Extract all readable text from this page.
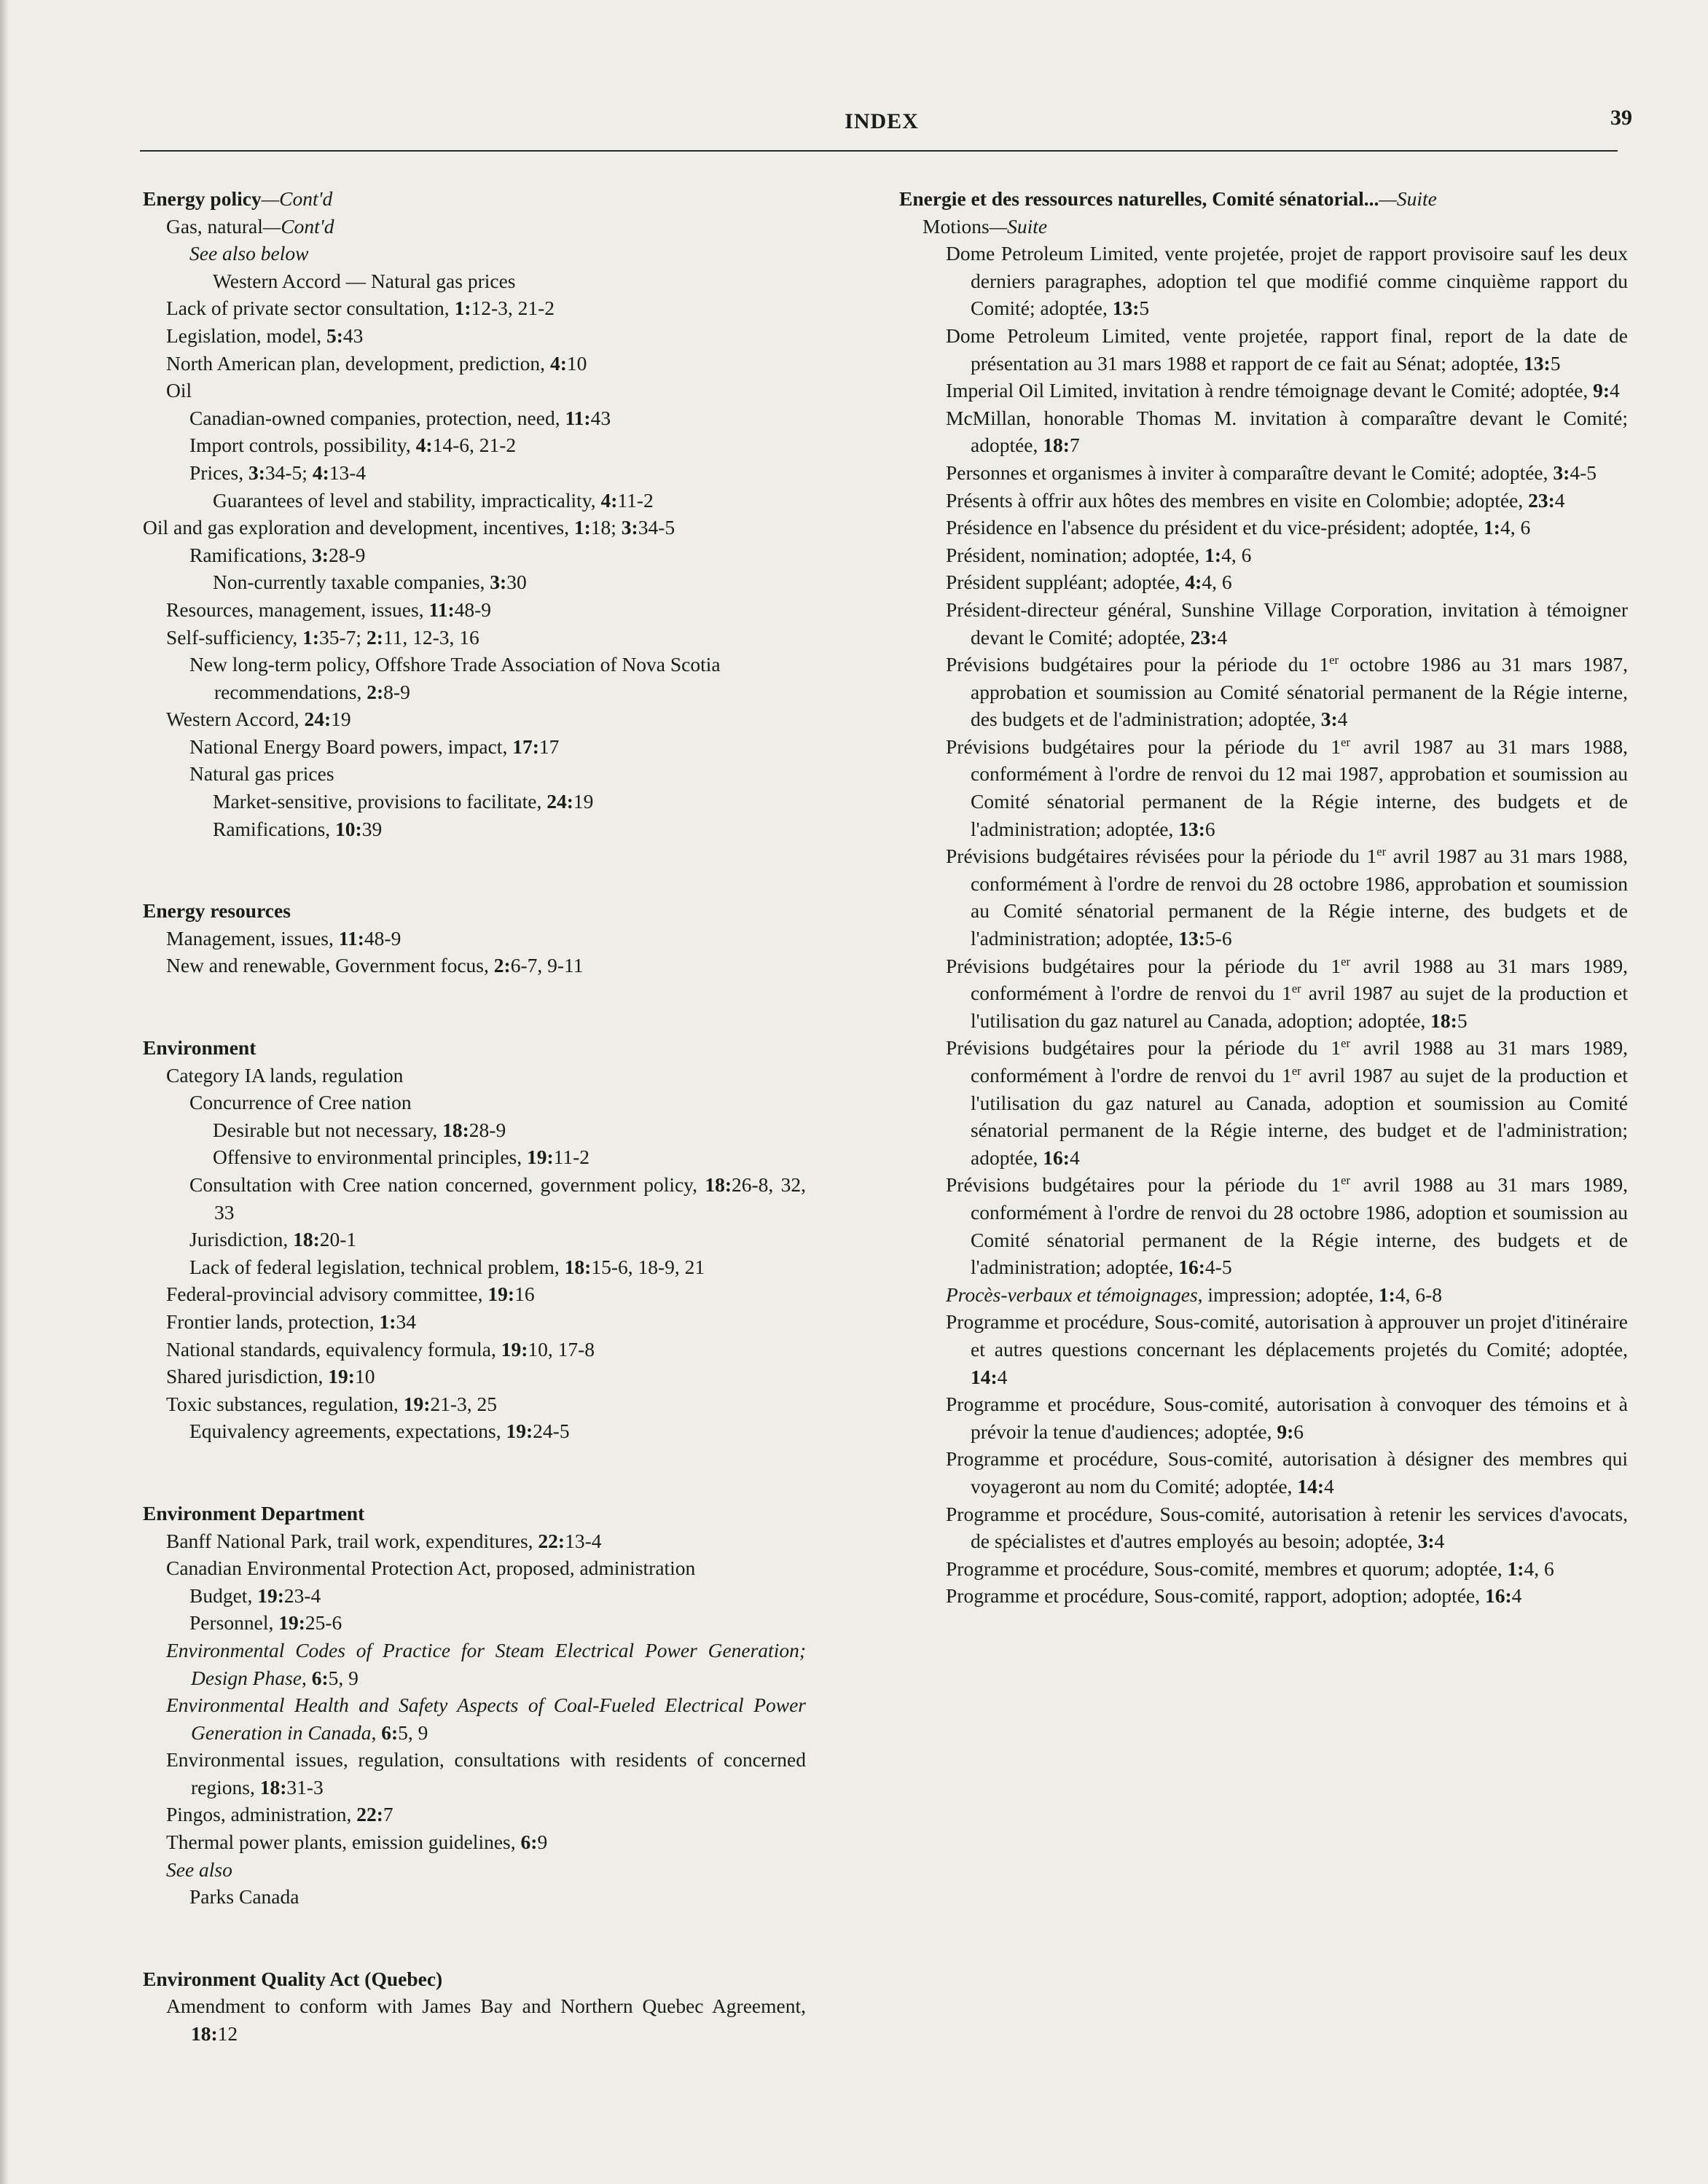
INDEX	39
Energy policy—Cont'd
Gas, natural—Cont'd
See also below
Western Accord — Natural gas prices
Lack of private sector consultation, 1:12-3, 21-2
Legislation, model, 5:43
North American plan, development, prediction, 4:10
Oil
Canadian-owned companies, protection, need, 11:43
Import controls, possibility, 4:14-6, 21-2
Prices, 3:34-5; 4:13-4
Guarantees of level and stability, impracticality, 4:11-2
Oil and gas exploration and development, incentives, 1:18; 3:34-5
Ramifications, 3:28-9
Non-currently taxable companies, 3:30
Resources, management, issues, 11:48-9
Self-sufficiency, 1:35-7; 2:11, 12-3, 16
New long-term policy, Offshore Trade Association of Nova Scotia recommendations, 2:8-9
Western Accord, 24:19
National Energy Board powers, impact, 17:17
Natural gas prices
Market-sensitive, provisions to facilitate, 24:19
Ramifications, 10:39
Energy resources
Management, issues, 11:48-9
New and renewable, Government focus, 2:6-7, 9-11
Environment
Category IA lands, regulation
Concurrence of Cree nation
Desirable but not necessary, 18:28-9
Offensive to environmental principles, 19:11-2
Consultation with Cree nation concerned, government policy, 18:26-8, 32, 33
Jurisdiction, 18:20-1
Lack of federal legislation, technical problem, 18:15-6, 18-9, 21
Federal-provincial advisory committee, 19:16
Frontier lands, protection, 1:34
National standards, equivalency formula, 19:10, 17-8
Shared jurisdiction, 19:10
Toxic substances, regulation, 19:21-3, 25
Equivalency agreements, expectations, 19:24-5
Environment Department
Banff National Park, trail work, expenditures, 22:13-4
Canadian Environmental Protection Act, proposed, administration
Budget, 19:23-4
Personnel, 19:25-6
Environmental Codes of Practice for Steam Electrical Power Generation; Design Phase, 6:5, 9
Environmental Health and Safety Aspects of Coal-Fueled Electrical Power Generation in Canada, 6:5, 9
Environmental issues, regulation, consultations with residents of concerned regions, 18:31-3
Pingos, administration, 22:7
Thermal power plants, emission guidelines, 6:9
See also
Parks Canada
Environment Quality Act (Quebec)
Amendment to conform with James Bay and Northern Quebec Agreement, 18:12
Energie et des ressources naturelles, Comité sénatorial...—Suite
Motions—Suite
Dome Petroleum Limited, vente projetée, projet de rapport provisoire sauf les deux derniers paragraphes, adoption tel que modifié comme cinquième rapport du Comité; adoptée, 13:5
Dome Petroleum Limited, vente projetée, rapport final, report de la date de présentation au 31 mars 1988 et rapport de ce fait au Sénat; adoptée, 13:5
Imperial Oil Limited, invitation à rendre témoignage devant le Comité; adoptée, 9:4
McMillan, honorable Thomas M. invitation à comparaître devant le Comité; adoptée, 18:7
Personnes et organismes à inviter à comparaître devant le Comité; adoptée, 3:4-5
Présents à offrir aux hôtes des membres en visite en Colombie; adoptée, 23:4
Présidence en l'absence du président et du vice-président; adoptée, 1:4, 6
Président, nomination; adoptée, 1:4, 6
Président suppléant; adoptée, 4:4, 6
Président-directeur général, Sunshine Village Corporation, invitation à témoigner devant le Comité; adoptée, 23:4
Prévisions budgétaires pour la période du 1er octobre 1986 au 31 mars 1987, approbation et soumission au Comité sénatorial permanent de la Régie interne, des budgets et de l'administration; adoptée, 3:4
Prévisions budgétaires pour la période du 1er avril 1987 au 31 mars 1988, conformément à l'ordre de renvoi du 12 mai 1987, approbation et soumission au Comité sénatorial permanent de la Régie interne, des budgets et de l'administration; adoptée, 13:6
Prévisions budgétaires révisées pour la période du 1er avril 1987 au 31 mars 1988, conformément à l'ordre de renvoi du 28 octobre 1986, approbation et soumission au Comité sénatorial permanent de la Régie interne, des budgets et de l'administration; adoptée, 13:5-6
Prévisions budgétaires pour la période du 1er avril 1988 au 31 mars 1989, conformément à l'ordre de renvoi du 1er avril 1987 au sujet de la production et l'utilisation du gaz naturel au Canada, adoption; adoptée, 18:5
Prévisions budgétaires pour la période du 1er avril 1988 au 31 mars 1989, conformément à l'ordre de renvoi du 1er avril 1987 au sujet de la production et l'utilisation du gaz naturel au Canada, adoption et soumission au Comité sénatorial permanent de la Régie interne, des budget et de l'administration; adoptée, 16:4
Prévisions budgétaires pour la période du 1er avril 1988 au 31 mars 1989, conformément à l'ordre de renvoi du 28 octobre 1986, adoption et soumission au Comité sénatorial permanent de la Régie interne, des budgets et de l'administration; adoptée, 16:4-5
Procès-verbaux et témoignages, impression; adoptée, 1:4, 6-8
Programme et procédure, Sous-comité, autorisation à approuver un projet d'itinéraire et autres questions concernant les déplacements projetés du Comité; adoptée, 14:4
Programme et procédure, Sous-comité, autorisation à convoquer des témoins et à prévoir la tenue d'audiences; adoptée, 9:6
Programme et procédure, Sous-comité, autorisation à désigner des membres qui voyageront au nom du Comité; adoptée, 14:4
Programme et procédure, Sous-comité, autorisation à retenir les services d'avocats, de spécialistes et d'autres employés au besoin; adoptée, 3:4
Programme et procédure, Sous-comité, membres et quorum; adoptée, 1:4, 6
Programme et procédure, Sous-comité, rapport, adoption; adoptée, 16:4
